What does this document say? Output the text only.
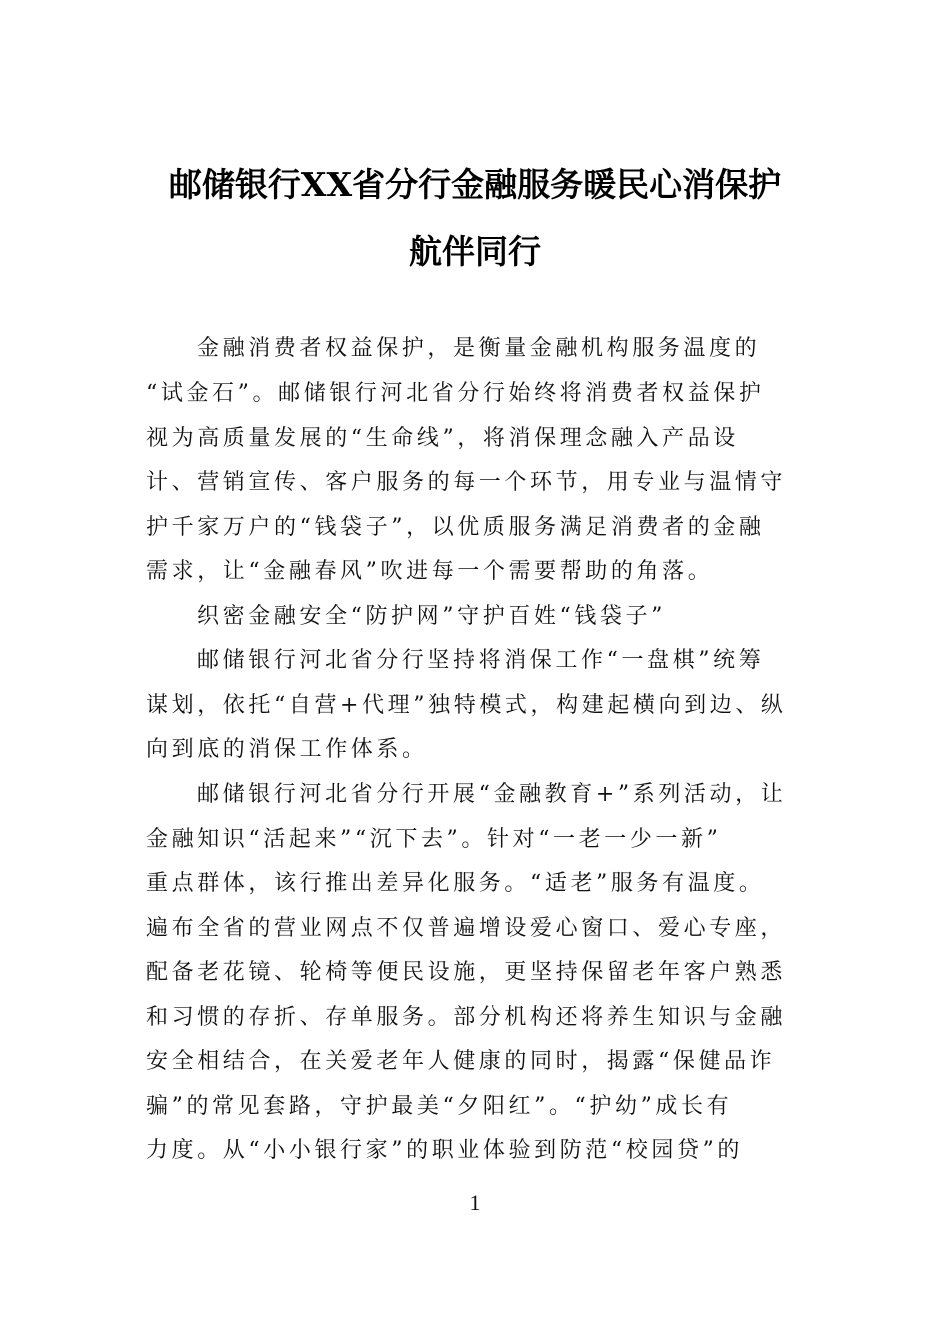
邮储银行XX省分行金融服务暖民心消保护
航伴同行
金融消费者权益保护，是衡量金融机构服务温度的
“试金石”。邮储银行河北省分行始终将消费者权益保护
视为高质量发展的“生命线”，将消保理念融入产品设
计、营销宣传、客户服务的每一个环节，用专业与温情守
护千家万户的“钱袋子”，以优质服务满足消费者的金融
需求，让“金融春风”吹进每一个需要帮助的角落。
织密金融安全“防护网”守护百姓“钱袋子”
邮储银行河北省分行坚持将消保工作“一盘棋”统筹
谋划，依托“自营+代理”独特模式，构建起横向到边、纵
向到底的消保工作体系。
邮储银行河北省分行开展“金融教育+”系列活动，让
金融知识“活起来”“沉下去”。针对“一老一少一新”
重点群体，该行推出差异化服务。“适老”服务有温度。
遍布全省的营业网点不仅普遍增设爱心窗口、爱心专座，
配备老花镜、轮椅等便民设施，更坚持保留老年客户熟悉
和习惯的存折、存单服务。部分机构还将养生知识与金融
安全相结合，在关爱老年人健康的同时，揭露“保健品诈
骗”的常见套路，守护最美“夕阳红”。“护幼”成长有
力度。从“小小银行家”的职业体验到防范“校园贷”的
1
